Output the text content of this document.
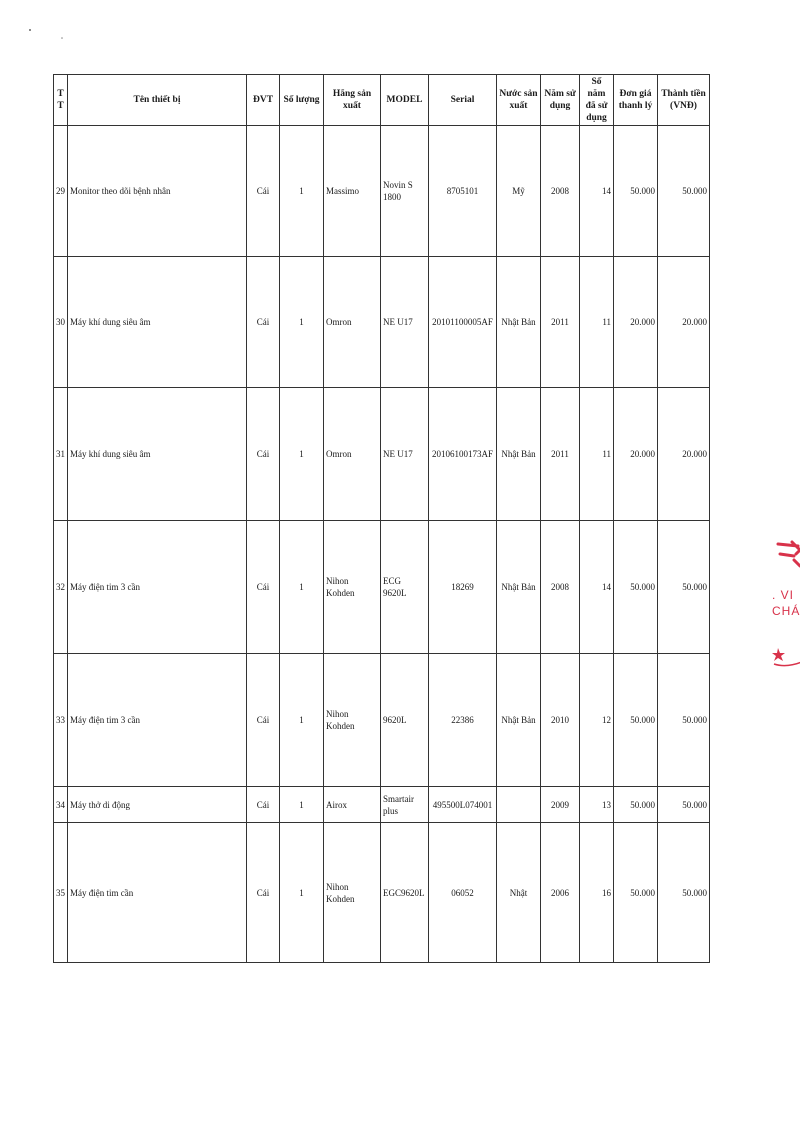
T T	Tên thiết bị	ĐVT	Số lượng	Hãng sản xuất	MODEL	Serial	Nước sản xuất	Năm sử dụng	Số năm đã sử dụng	Đơn giá thanh lý	Thành tiền (VNĐ)
29	Monitor theo dõi bệnh nhân	Cái	1	Massimo	Novin S 1800	8705101	Mỹ	2008	14	50.000	50.000
30	Máy khí dung siêu âm	Cái	1	Omron	NE U17	20101100005AF	Nhật Bản	2011	11	20.000	20.000
31	Máy khí dung siêu âm	Cái	1	Omron	NE U17	20106100173AF	Nhật Bản	2011	11	20.000	20.000
32	Máy điện tim 3 cần	Cái	1	Nihon Kohden	ECG 9620L	18269	Nhật Bản	2008	14	50.000	50.000
33	Máy điện tim 3 cần	Cái	1	Nihon Kohden	9620L	22386	Nhật Bản	2010	12	50.000	50.000
34	Máy thở di động	Cái	1	Airox	Smartair plus	495500L074001		2009	13	50.000	50.000
35	Máy điện tim cần	Cái	1	Nihon Kohden	EGC9620L	06052	Nhật	2006	16	50.000	50.000
. VI
CHÁ
